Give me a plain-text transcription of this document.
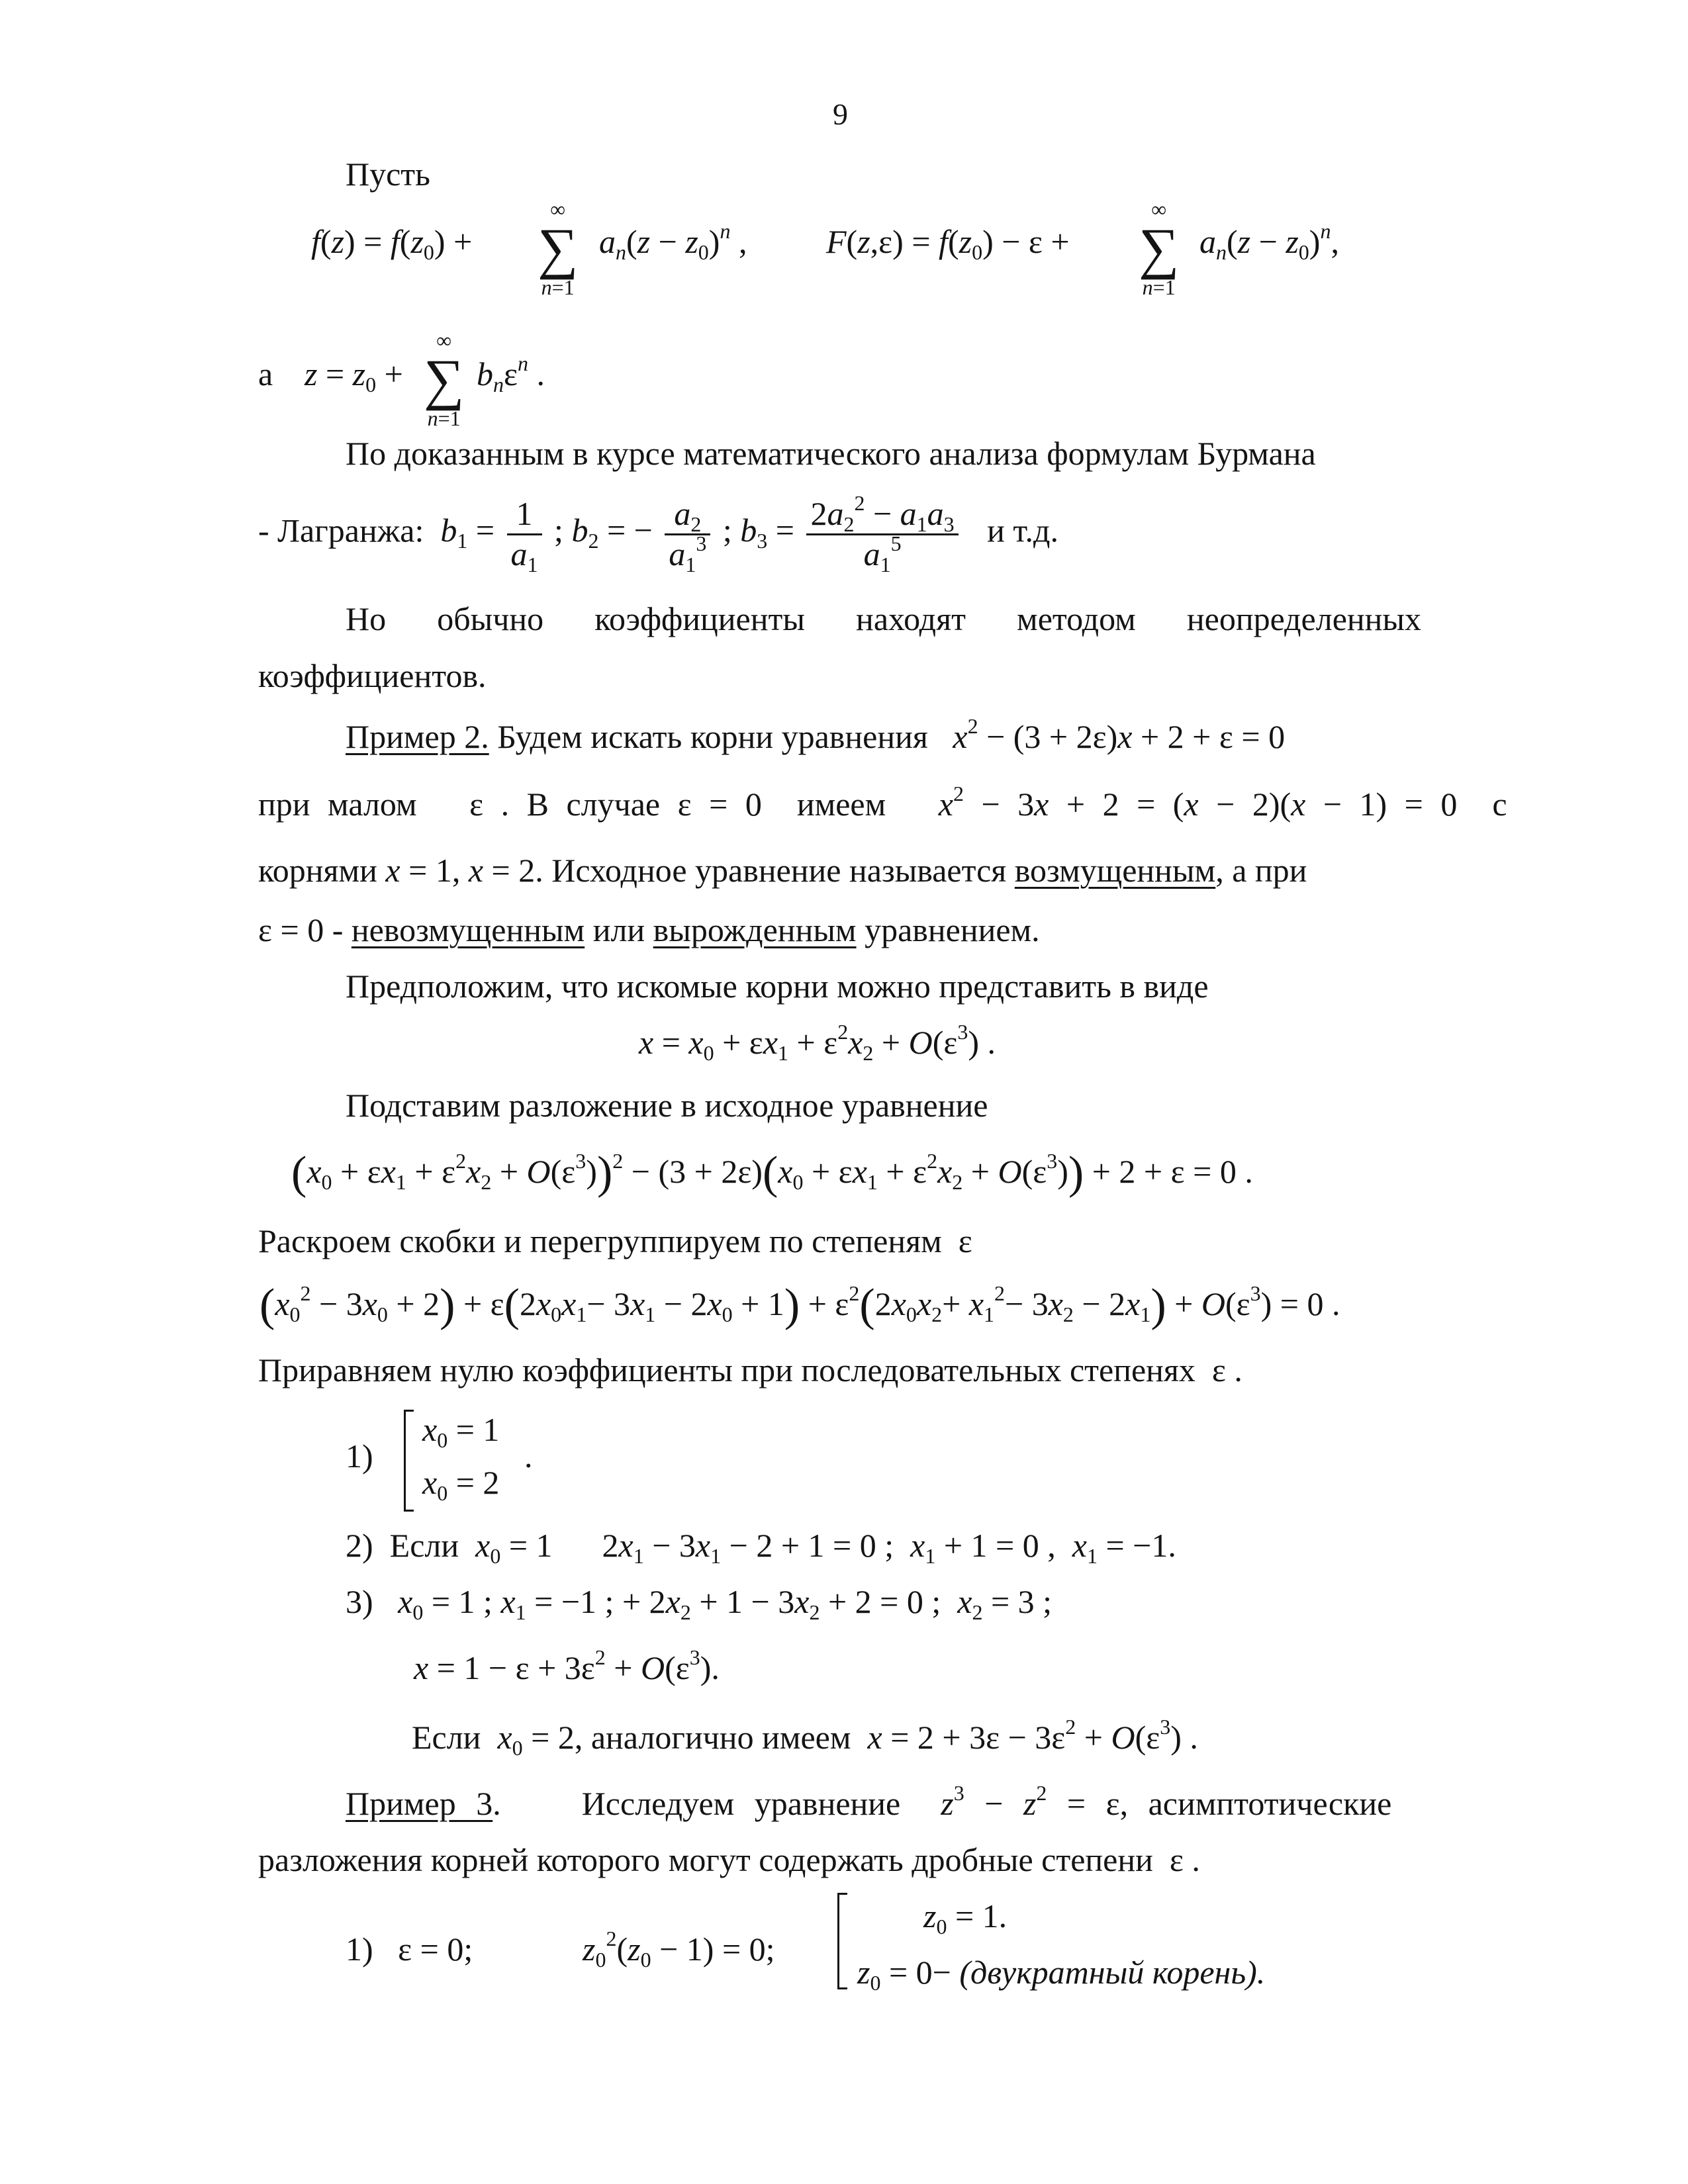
9
Пусть
$f(z) = f(z_0)$ +
∞
∑
n=1
$a_n(z - z_0)^n$ , $F(z,\varepsilon) = f(z_0) - \varepsilon$ +
∞
∑
n=1
$a_n(z - z_0)^n$,
а $z = z_0$ +
∞
∑
n=1
$b_n\varepsilon^n$ .
По доказанным в курсе математического анализа формулам Бурмана
- Лагранжа: $b_1 = \frac{1}{a_1}$ ; $b_2$ = − $\frac{a_2}{a_1^3}$ ; $b_3 = \frac{2a_2^2 - a_1a_3}{a_1^5}$ и т.д.
Но обычно коэффициенты находят методом неопределенных
коэффициентов.
Пример 2. Будем искать корни уравнения $x^2 - (3 + 2\varepsilon)x + 2 + \varepsilon = 0$
при малом ε . В случае ε = 0 имеем $x^2 - 3x + 2 = (x - 2)(x - 1) = 0$ с
корнями x = 1, x = 2. Исходное уравнение называется возмущенным, а при
ε = 0 - невозмущенным или вырожденным уравнением.
Предположим, что искомые корни можно представить в виде
$x = x_0 + \varepsilon x_1 + \varepsilon^2x_2 + O(\varepsilon^3)$ .
Подставим разложение в исходное уравнение
$(x_0 + \varepsilon x_1 + \varepsilon^2x_2 + O(\varepsilon^3))^2 - (3 + 2\varepsilon)(x_0 + \varepsilon x_1 + \varepsilon^2x_2 + O(\varepsilon^3)) + 2 + \varepsilon = 0$ .
Раскроем скобки и перегруппируем по степеням  ε
$(x_0^2 - 3x_0 + 2) + \varepsilon(2x_0x_1- 3x_1 - 2x_0 + 1) + \varepsilon^2(2x_0x_2+ x_1^2- 3x_2 - 2x_1) + O(\varepsilon^3) = 0$ .
Приравняем нулю коэффициенты при последовательных степенях  ε .
1)
$x_0 = 1$
$x_0 = 2$
.
2) Если $x_0 = 1$      $2x_1 - 3x_1 - 2 + 1 = 0$ ;  $x_1 + 1 = 0$ ,  $x_1 = -1$.
3) $x_0 = 1$ ; $x_1 = -1$ ; + $2x_2 + 1 - 3x_2 + 2 = 0$ ;  $x_2 = 3$ ;
$x = 1 - \varepsilon + 3\varepsilon^2 + O(\varepsilon^3)$.
Если $x_0 = 2$, аналогично имеем $x = 2 + 3\varepsilon - 3\varepsilon^2 + O(\varepsilon^3)$ .
Пример 3.    Исследуем уравнение $z^3 - z^2 = \varepsilon$, асимптотические
разложения корней которого могут содержать дробные степени ε .
1) ε = 0;	$z_0^2(z_0 - 1) = 0$;
$z_0 = 1$.
$z_0 = 0-$ (двукратный корень).
